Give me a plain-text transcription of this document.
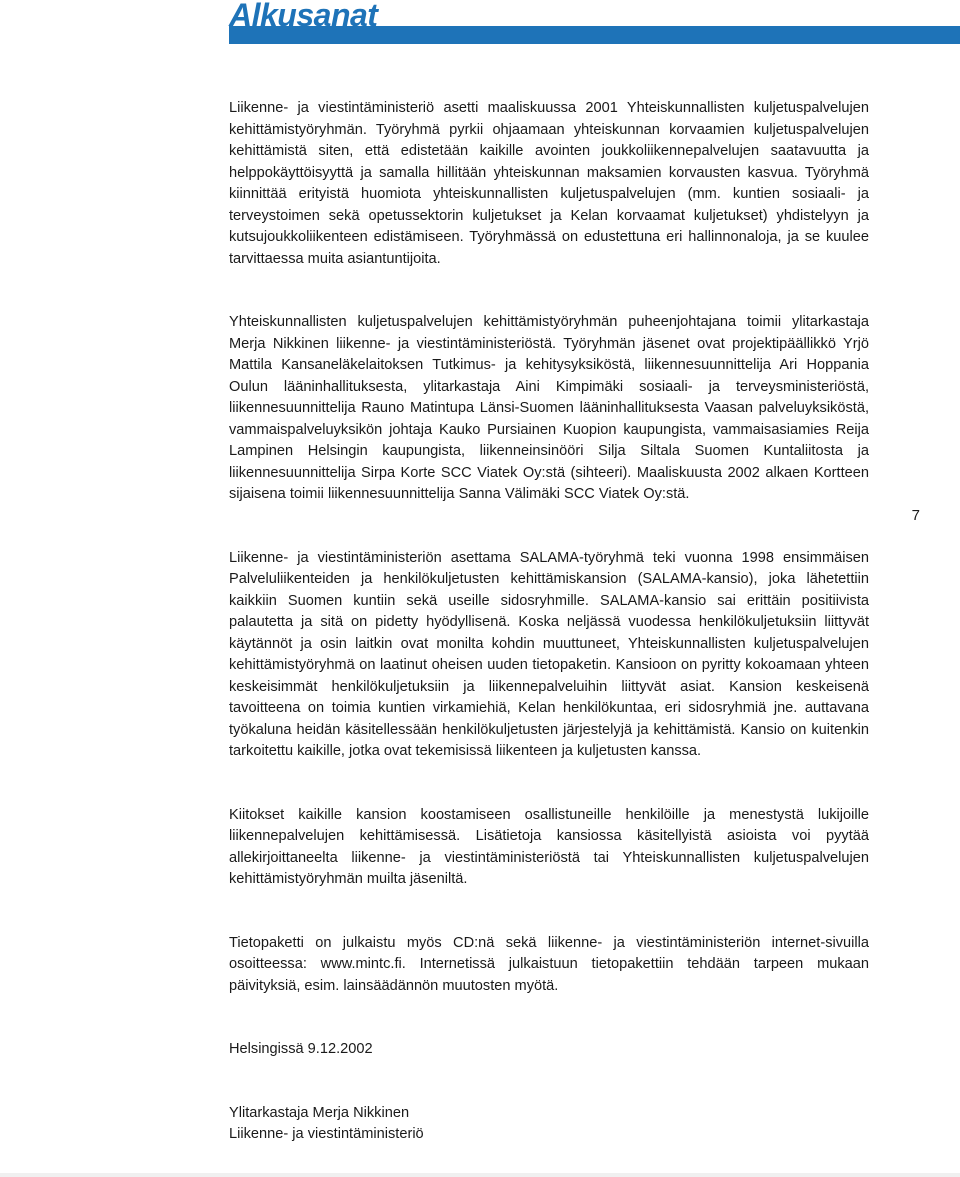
Alkusanat
7

Liikenne- ja viestintäministeriö asetti maaliskuussa 2001 Yhteiskunnallisten kuljetuspalvelujen kehittämistyöryhmän. Työryhmä pyrkii ohjaamaan yhteiskunnan korvaamien kuljetuspalvelujen kehittämistä siten, että edistetään kaikille avointen joukkoliikennepalvelujen saatavuutta ja helppokäyttöisyyttä ja samalla hillitään yhteiskunnan maksamien korvausten kasvua. Työryhmä kiinnittää erityistä huomiota yhteiskunnallisten kuljetuspalvelujen (mm. kuntien sosiaali- ja terveystoimen sekä opetussektorin kuljetukset ja Kelan korvaamat kuljetukset) yhdistelyyn ja kutsujoukkoliikenteen edistämiseen. Työryhmässä on edustettuna eri hallinnonaloja, ja se kuulee tarvittaessa muita asiantuntijoita.

Yhteiskunnallisten kuljetuspalvelujen kehittämistyöryhmän puheenjohtajana toimii ylitarkastaja Merja Nikkinen liikenne- ja viestintäministeriöstä. Työryhmän jäsenet ovat projektipäällikkö Yrjö Mattila Kansaneläkelaitoksen Tutkimus- ja kehitysyksiköstä, liikennesuunnittelija Ari Hoppania Oulun lääninhallituksesta, ylitarkastaja Aini Kimpimäki sosiaali- ja terveysministeriöstä, liikennesuunnittelija Rauno Matintupa Länsi-Suomen lääninhallituksesta Vaasan palveluyksiköstä, vammaispalveluyksikön johtaja Kauko Pursiainen Kuopion kaupungista, vammaisasiamies Reija Lampinen Helsingin kaupungista, liikenneinsinööri Silja Siltala Suomen Kuntaliitosta ja liikennesuunnittelija Sirpa Korte SCC Viatek Oy:stä (sihteeri). Maaliskuusta 2002 alkaen Kortteen sijaisena toimii liikennesuunnittelija Sanna Välimäki SCC Viatek Oy:stä.

Liikenne- ja viestintäministeriön asettama SALAMA-työryhmä teki vuonna 1998 ensimmäisen Palveluliikenteiden ja henkilökuljetusten kehittämiskansion (SALAMA-kansio), joka lähetettiin kaikkiin Suomen kuntiin sekä useille sidosryhmille. SALAMA-kansio sai erittäin positiivista palautetta ja sitä on pidetty hyödyllisenä. Koska neljässä vuodessa henkilökuljetuksiin liittyvät käytännöt ja osin laitkin ovat monilta kohdin muuttuneet, Yhteiskunnallisten kuljetuspalvelujen kehittämistyöryhmä on laatinut oheisen uuden tietopaketin. Kansioon on pyritty kokoamaan yhteen keskeisimmät henkilökuljetuksiin ja liikennepalveluihin liittyvät asiat. Kansion keskeisenä tavoitteena on toimia kuntien virkamiehiä, Kelan henkilökuntaa, eri sidosryhmiä jne. auttavana työkaluna heidän käsitellessään henkilökuljetusten järjestelyjä ja kehittämistä. Kansio on kuitenkin tarkoitettu kaikille, jotka ovat tekemisissä liikenteen ja kuljetusten kanssa.

Kiitokset kaikille kansion koostamiseen osallistuneille henkilöille ja menestystä lukijoille liikennepalvelujen kehittämisessä. Lisätietoja kansiossa käsitellyistä asioista voi pyytää allekirjoittaneelta liikenne- ja viestintäministeriöstä tai Yhteiskunnallisten kuljetuspalvelujen kehittämistyöryhmän muilta jäseniltä.

Tietopaketti on julkaistu myös CD:nä sekä liikenne- ja viestintäministeriön internet-sivuilla osoitteessa: www.mintc.fi. Internetissä julkaistuun tietopakettiin tehdään tarpeen mukaan päivityksiä, esim. lainsäädännön muutosten myötä.

Helsingissä 9.12.2002

Ylitarkastaja Merja Nikkinen

Liikenne- ja viestintäministeriö
